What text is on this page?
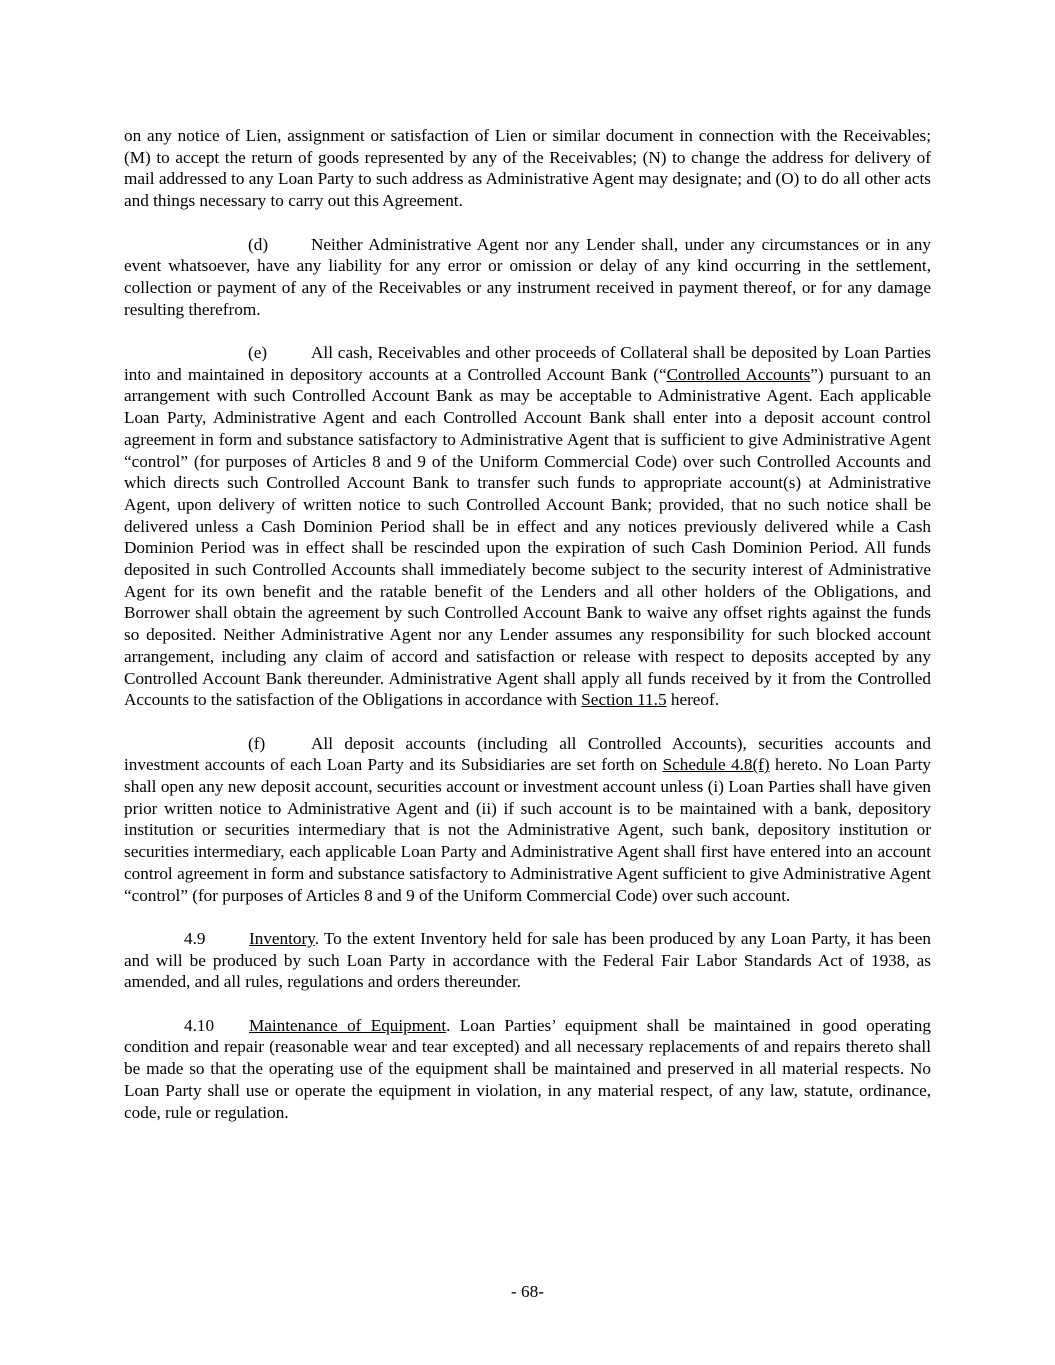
on any notice of Lien, assignment or satisfaction of Lien or similar document in connection with the Receivables; (M) to accept the return of goods represented by any of the Receivables; (N) to change the address for delivery of mail addressed to any Loan Party to such address as Administrative Agent may designate; and (O) to do all other acts and things necessary to carry out this Agreement.

(d) Neither Administrative Agent nor any Lender shall, under any circumstances or in any event whatsoever, have any liability for any error or omission or delay of any kind occurring in the settlement, collection or payment of any of the Receivables or any instrument received in payment thereof, or for any damage resulting therefrom.

(e)	All cash, Receivables and other proceeds of Collateral shall be deposited by Loan Parties into and maintained in depository accounts at a Controlled Account Bank (“Controlled Accounts”) pursuant to an arrangement with such Controlled Account Bank as may be acceptable to Administrative Agent. Each applicable Loan Party, Administrative Agent and each Controlled Account Bank shall enter into a deposit account control agreement in form and substance satisfactory to Administrative Agent that is sufficient to give Administrative Agent “control” (for purposes of Articles 8 and 9 of the Uniform Commercial Code) over such Controlled Accounts and which directs such Controlled Account Bank to transfer such funds to appropriate account(s) at Administrative Agent, upon delivery of written notice to such Controlled Account Bank; provided, that no such notice shall be delivered unless a Cash Dominion Period shall be in effect and any notices previously delivered while a Cash Dominion Period was in effect shall be rescinded upon the expiration of such Cash Dominion Period. All funds deposited in such Controlled Accounts shall immediately become subject to the security interest of Administrative Agent for its own benefit and the ratable benefit of the Lenders and all other holders of the Obligations, and Borrower shall obtain the agreement by such Controlled Account Bank to waive any offset rights against the funds so deposited. Neither Administrative Agent nor any Lender assumes any responsibility for such blocked account arrangement, including any claim of accord and satisfaction or release with respect to deposits accepted by any Controlled Account Bank thereunder. Administrative Agent shall apply all funds received by it from the Controlled Accounts to the satisfaction of the Obligations in accordance with Section 11.5 hereof.

(f)	All deposit accounts (including all Controlled Accounts), securities accounts and investment accounts of each Loan Party and its Subsidiaries are set forth on Schedule 4.8(f) hereto. No Loan Party shall open any new deposit account, securities account or investment account unless (i) Loan Parties shall have given prior written notice to Administrative Agent and (ii) if such account is to be maintained with a bank, depository institution or securities intermediary that is not the Administrative Agent, such bank, depository institution or securities intermediary, each applicable Loan Party and Administrative Agent shall first have entered into an account control agreement in form and substance satisfactory to Administrative Agent sufficient to give Administrative Agent “control” (for purposes of Articles 8 and 9 of the Uniform Commercial Code) over such account.

4.9	Inventory. To the extent Inventory held for sale has been produced by any Loan Party, it has been and will be produced by such Loan Party in accordance with the Federal Fair Labor Standards Act of 1938, as amended, and all rules, regulations and orders thereunder.

4.10 Maintenance of Equipment. Loan Parties’ equipment shall be maintained in good operating condition and repair (reasonable wear and tear excepted) and all necessary replacements of and repairs thereto shall be made so that the operating use of the equipment shall be maintained and preserved in all material respects. No Loan Party shall use or operate the equipment in violation, in any material respect, of any law, statute, ordinance, code, rule or regulation.

- 68-
